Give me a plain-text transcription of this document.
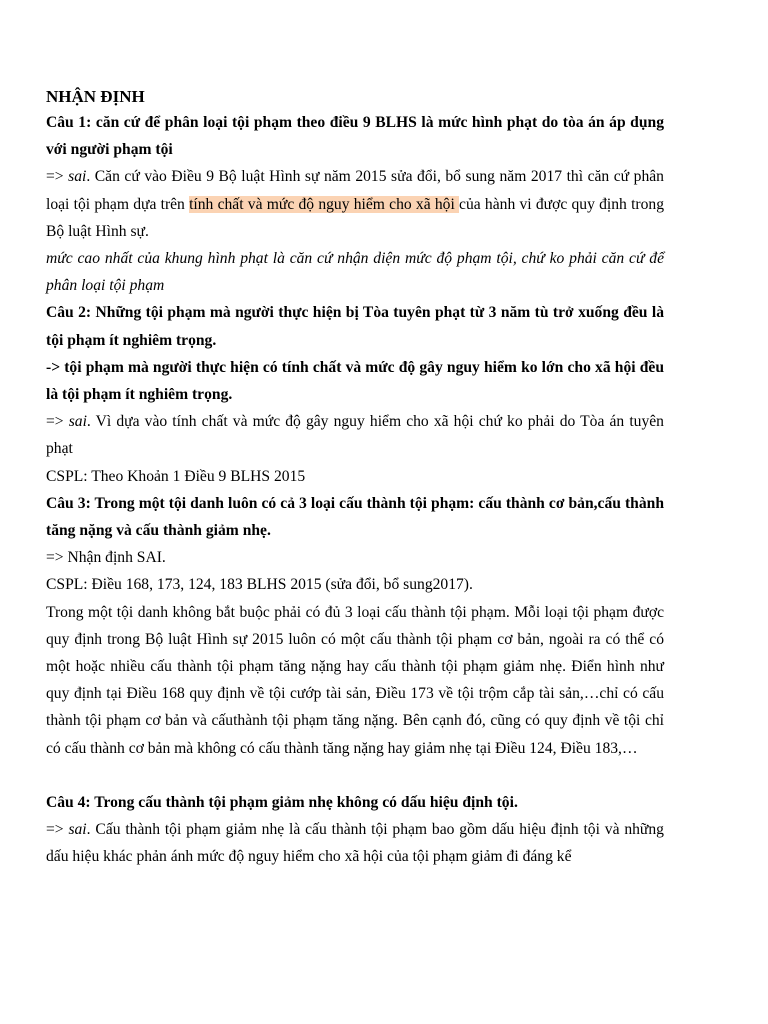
NHẬN ĐỊNH

Câu 1: căn cứ để phân loại tội phạm theo điều 9 BLHS là mức hình phạt do tòa án áp dụng với người phạm tội

=> sai. Căn cứ vào Điều 9 Bộ luật Hình sự năm 2015 sửa đổi, bổ sung năm 2017 thì căn cứ phân loại tội phạm dựa trên tính chất và mức độ nguy hiểm cho xã hội của hành vi được quy định trong Bộ luật Hình sự.

mức cao nhất của khung hình phạt là căn cứ nhận diện mức độ phạm tội, chứ ko phải căn cứ để phân loại tội phạm

Câu 2: Những tội phạm mà người thực hiện bị Tòa tuyên phạt từ 3 năm tù trở xuống đều là tội phạm ít nghiêm trọng.

-> tội phạm mà người thực hiện có tính chất và mức độ gây nguy hiểm ko lớn cho xã hội đều là tội phạm ít nghiêm trọng.

=> sai. Vì dựa vào tính chất và mức độ gây nguy hiểm cho xã hội chứ ko phải do Tòa án tuyên phạt

CSPL: Theo Khoản 1 Điều 9 BLHS 2015

Câu 3: Trong một tội danh luôn có cả 3 loại cấu thành tội phạm: cấu thành cơ bản,cấu thành tăng nặng và cấu thành giảm nhẹ.

=> Nhận định SAI.

CSPL: Điều 168, 173, 124, 183 BLHS 2015 (sửa đổi, bổ sung2017).

Trong một tội danh không bắt buộc phải có đủ 3 loại cấu thành tội phạm. Mỗi loại tội phạm được quy định trong Bộ luật Hình sự 2015 luôn có một cấu thành tội phạm cơ bản, ngoài ra có thể có một hoặc nhiều cấu thành tội phạm tăng nặng hay cấu thành tội phạm giảm nhẹ. Điển hình như quy định tại Điều 168 quy định về tội cướp tài sản, Điều 173 về tội trộm cắp tài sản,…chỉ có cấu thành tội phạm cơ bản và cấuthành tội phạm tăng nặng. Bên cạnh đó, cũng có quy định về tội chỉ có cấu thành cơ bản mà không có cấu thành tăng nặng hay giảm nhẹ tại Điều 124, Điều 183,…

Câu 4: Trong cấu thành tội phạm giảm nhẹ không có dấu hiệu định tội.

=> sai. Cấu thành tội phạm giảm nhẹ là cấu thành tội phạm bao gồm dấu hiệu định tội và những dấu hiệu khác phản ánh mức độ nguy hiểm cho xã hội của tội phạm giảm đi đáng kể
